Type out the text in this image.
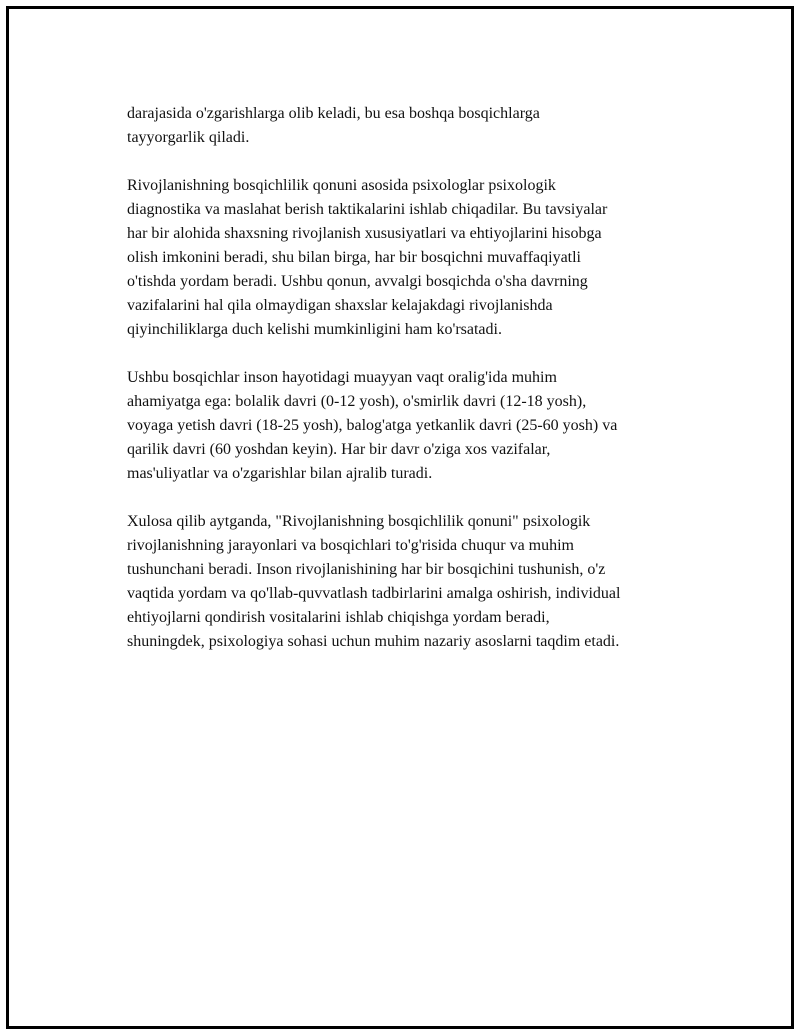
darajasida o'zgarishlarga olib keladi, bu esa boshqa bosqichlarga
tayyorgarlik qiladi.

Rivojlanishning bosqichlilik qonuni asosida psixologlar psixologik
diagnostika va maslahat berish taktikalarini ishlab chiqadilar. Bu tavsiyalar
har bir alohida shaxsning rivojlanish xususiyatlari va ehtiyojlarini hisobga
olish imkonini beradi, shu bilan birga, har bir bosqichni muvaffaqiyatli
o'tishda yordam beradi. Ushbu qonun, avvalgi bosqichda o'sha davrning
vazifalarini hal qila olmaydigan shaxslar kelajakdagi rivojlanishda
qiyinchiliklarga duch kelishi mumkinligini ham ko'rsatadi.

Ushbu bosqichlar inson hayotidagi muayyan vaqt oralig'ida muhim
ahamiyatga ega: bolalik davri (0-12 yosh), o'smirlik davri (12-18 yosh),
voyaga yetish davri (18-25 yosh), balog'atga yetkanlik davri (25-60 yosh) va
qarilik davri (60 yoshdan keyin). Har bir davr o'ziga xos vazifalar,
mas'uliyatlar va o'zgarishlar bilan ajralib turadi.

Xulosa qilib aytganda, "Rivojlanishning bosqichlilik qonuni" psixologik
rivojlanishning jarayonlari va bosqichlari to'g'risida chuqur va muhim
tushunchani beradi. Inson rivojlanishining har bir bosqichini tushunish, o'z
vaqtida yordam va qo'llab-quvvatlash tadbirlarini amalga oshirish, individual
ehtiyojlarni qondirish vositalarini ishlab chiqishga yordam beradi,
shuningdek, psixologiya sohasi uchun muhim nazariy asoslarni taqdim etadi.
